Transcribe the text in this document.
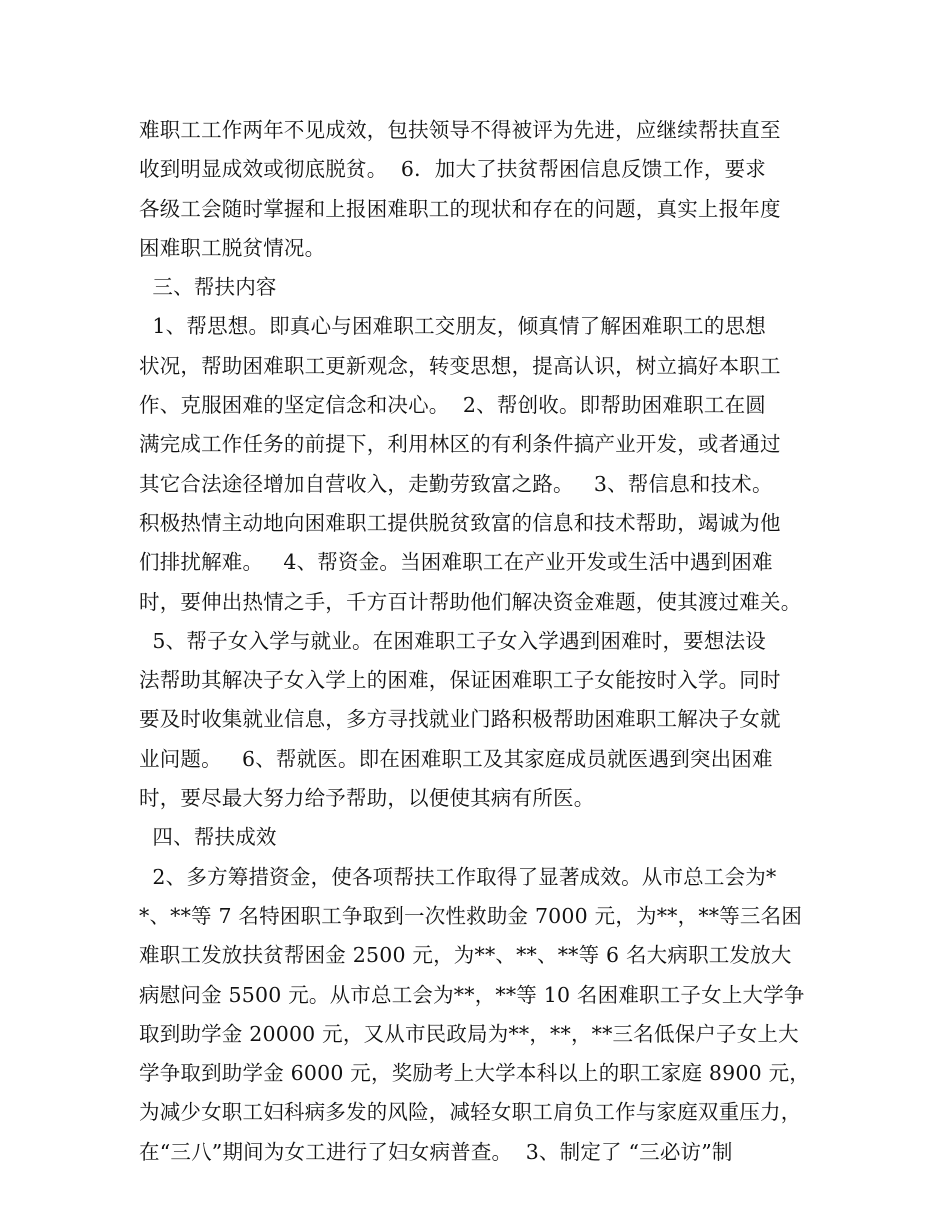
难职工工作两年不见成效，包扶领导不得被评为先进，应继续帮扶直至
收到明显成效或彻底脱贫。  6．加大了扶贫帮困信息反馈工作，要求
各级工会随时掌握和上报困难职工的现状和存在的问题，真实上报年度
困难职工脱贫情况。
三、帮扶内容
1、帮思想。即真心与困难职工交朋友，倾真情了解困难职工的思想
状况，帮助困难职工更新观念，转变思想，提高认识，树立搞好本职工
作、克服困难的坚定信念和决心。  2、帮创收。即帮助困难职工在圆
满完成工作任务的前提下，利用林区的有利条件搞产业开发，或者通过
其它合法途径增加自营收入，走勤劳致富之路。   3、帮信息和技术。
积极热情主动地向困难职工提供脱贫致富的信息和技术帮助，竭诚为他
们排扰解难。   4、帮资金。当困难职工在产业开发或生活中遇到困难
时，要伸出热情之手，千方百计帮助他们解决资金难题，使其渡过难关。
5、帮子女入学与就业。在困难职工子女入学遇到困难时，要想法设
法帮助其解决子女入学上的困难，保证困难职工子女能按时入学。同时
要及时收集就业信息，多方寻找就业门路积极帮助困难职工解决子女就
业问题。   6、帮就医。即在困难职工及其家庭成员就医遇到突出困难
时，要尽最大努力给予帮助，以便使其病有所医。
四、帮扶成效
2、多方筹措资金，使各项帮扶工作取得了显著成效。从市总工会为*
*、**等 7 名特困职工争取到一次性救助金 7000 元，为**，**等三名困
难职工发放扶贫帮困金 2500 元，为**、**、**等 6 名大病职工发放大
病慰问金 5500 元。从市总工会为**，**等 10 名困难职工子女上大学争
取到助学金 20000 元，又从市民政局为**，**，**三名低保户子女上大
学争取到助学金 6000 元，奖励考上大学本科以上的职工家庭 8900 元，
为减少女职工妇科病多发的风险，减轻女职工肩负工作与家庭双重压力，
在“三八”期间为女工进行了妇女病普查。  3、制定了 “三必访”制
